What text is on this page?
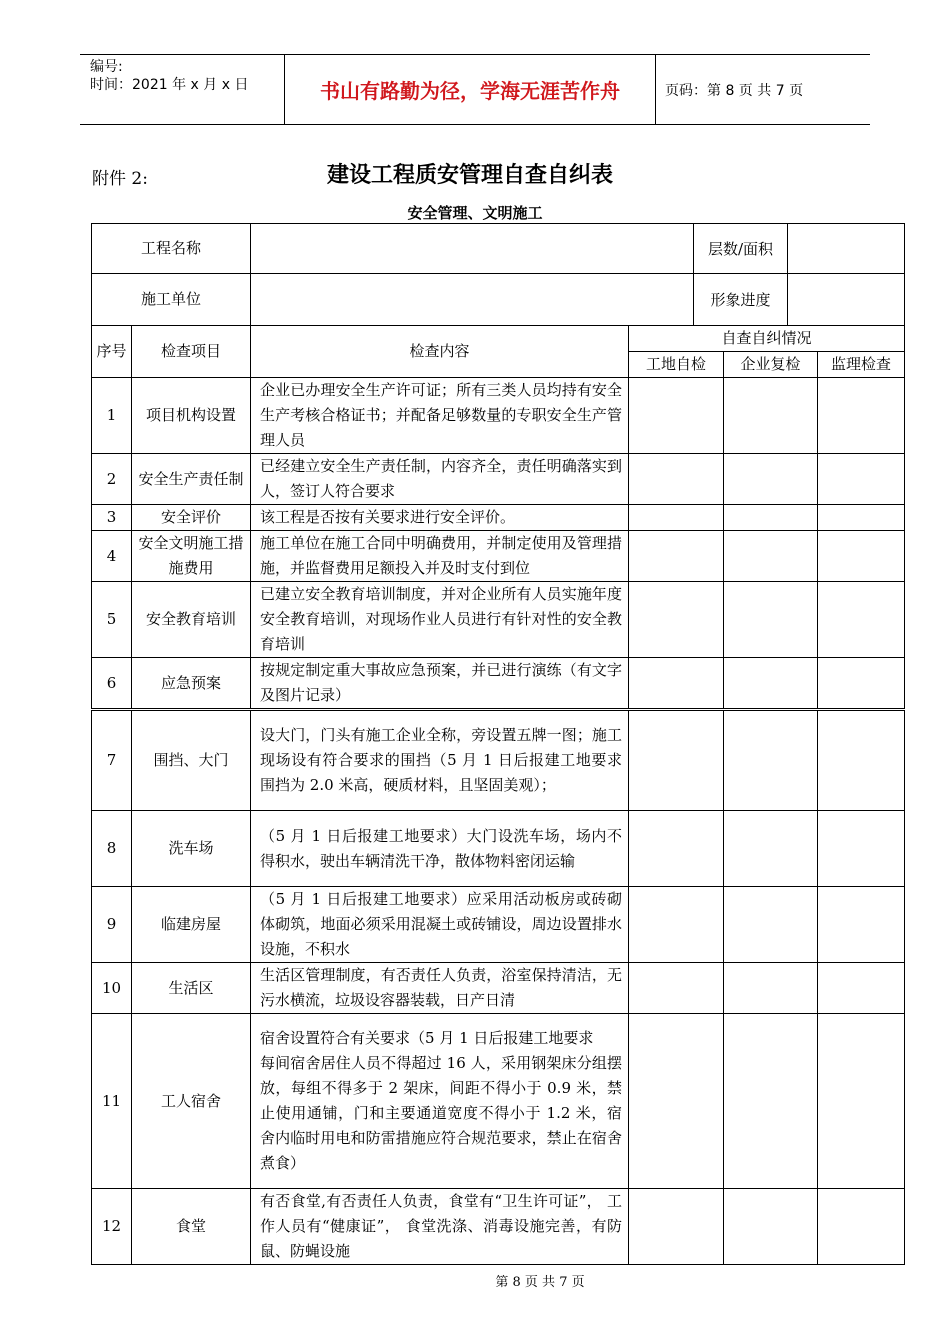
编号:
时间：2021 年 x 月 x 日	书山有路勤为径，学海无涯苦作舟	页码：第 8 页 共 7 页
附件 2:	建设工程质安管理自查自纠表
安全管理、文明施工
工程名称				层数/面积			
施工单位				形象进度			
序号	检查项目	检查内容	自查自纠情况				
			工地自检		企业复检		监理检查
1	项目机构设置	企业已办理安全生产许可证；所有三类人员均持有安全生产考核合格证书；并配备足够数量的专职安全生产管理人员					
2	安全生产责任制	已经建立安全生产责任制，内容齐全，责任明确落实到人，签订人符合要求					
3	安全评价	该工程是否按有关要求进行安全评价。					
4	安全文明施工措施费用	施工单位在施工合同中明确费用，并制定使用及管理措施，并监督费用足额投入并及时支付到位					
5	安全教育培训	已建立安全教育培训制度，并对企业所有人员实施年度安全教育培训，对现场作业人员进行有针对性的安全教育培训					
6	应急预案	按规定制定重大事故应急预案，并已进行演练（有文字及图片记录）					
7	围挡、大门	设大门，门头有施工企业全称，旁设置五牌一图；施工现场设有符合要求的围挡（5 月 1 日后报建工地要求围挡为 2.0 米高，硬质材料，且坚固美观）；					
8	洗车场	（5 月 1 日后报建工地要求）大门设洗车场，场内不得积水，驶出车辆清洗干净，散体物料密闭运输					
9	临建房屋	（5 月 1 日后报建工地要求）应采用活动板房或砖砌体砌筑，地面必须采用混凝土或砖铺设，周边设置排水设施，不积水					
10	生活区	生活区管理制度，有否责任人负责，浴室保持清洁，无污水横流，垃圾设容器装载，日产日清					
11	工人宿舍	宿舍设置符合有关要求（5 月 1 日后报建工地要求
每间宿舍居住人员不得超过 16 人，采用钢架床分组摆放，每组不得多于 2 架床，间距不得小于 0.9 米，禁止使用通铺，门和主要通道宽度不得小于 1.2 米，宿舍内临时用电和防雷措施应符合规范要求，禁止在宿舍煮食）					

12	食堂	有否食堂,有否责任人负责，食堂有“卫生许可证”， 工作人员有“健康证”， 食堂洗涤、消毒设施完善，有防鼠、防蝇设施					
第 8 页 共 7 页
